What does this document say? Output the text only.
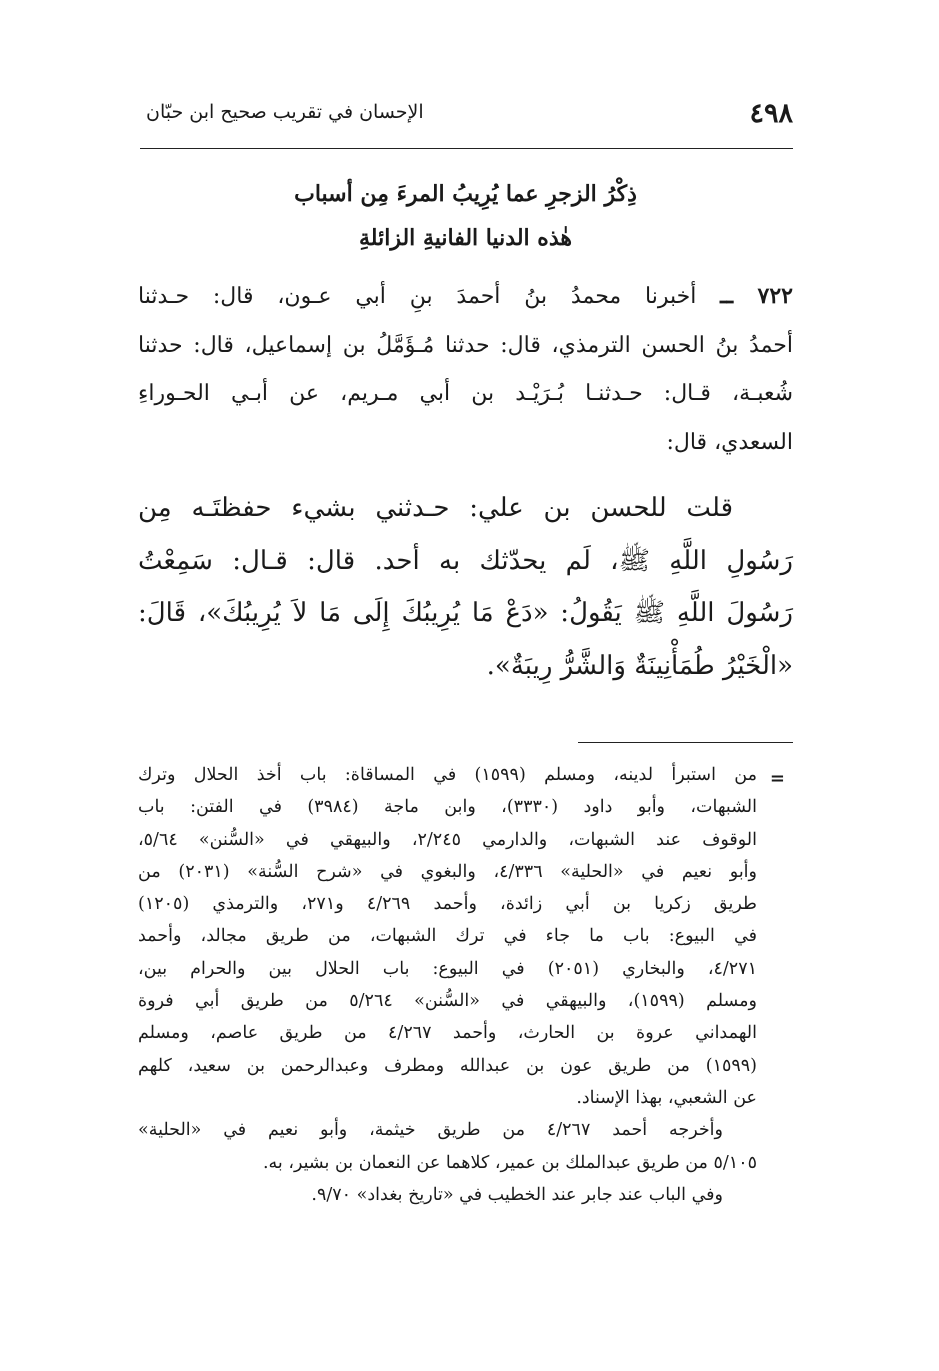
٤٩٨
الإحسان في تقريب صحيح ابن حبّان
ذِكْرُ الزجرِ عما يُرِيبُ المرءَ مِن أسباب
هٰذه الدنيا الفانيةِ الزائلةِ
٧٢٢ ــ أخبرنا محمدُ بنُ أحمدَ بنِ أبي عـون، قال: حـدثنا
أحمدُ بنُ الحسن الترمذي، قال: حدثنا مُـؤَمَّلُ بن إسماعيل، قال: حدثنا
شُعبـة، قـال: حـدثنـا بُـرَيْـد بن أبي مـريم، عن أبـي الحـوراءِ
السعدي، قال:
قلت للحسن بن علي: حـدثني بشيء حفظتَـه مِن
رَسُولِ اللَّهِ ﷺ، لَم يحدّثك به أحد. قال: قـال: سَمِعْتُ
رَسُولَ اللَّهِ ﷺ يَقُولُ: «دَعْ مَا يُرِيبُكَ إِلَى مَا لاَ يُرِيبُكَ»، قَالَ:
«الْخَيْرُ طُمَأْنِينَةٌ وَالشَّرُّ رِيبَةٌ».
=
من استبرأ لدينه، ومسلم (١٥٩٩) في المساقاة: باب أخذ الحلال وترك
الشبهات، وأبو داود (٣٣٣٠)، وابن ماجة (٣٩٨٤) في الفتن: باب
الوقوف عند الشبهات، والدارمي ٢/٢٤٥، والبيهقي في «السُّنن» ٥/٦٤،
وأبو نعيم في «الحلية» ٤/٣٣٦، والبغوي في «شرح السُّنة» (٢٠٣١) من
طريق زكريا بن أبي زائدة، وأحمد ٤/٢٦٩ و٢٧١، والترمذي (١٢٠٥)
في البيوع: باب ما جاء في ترك الشبهات، من طريق مجالد، وأحمد
٤/٢٧١، والبخاري (٢٠٥١) في البيوع: باب الحلال بين والحرام بين،
ومسلم (١٥٩٩)، والبيهقي في «السُّنن» ٥/٢٦٤ من طريق أبي فروة
الهمداني عروة بن الحارث، وأحمد ٤/٢٦٧ من طريق عاصم، ومسلم
(١٥٩٩) من طريق عون بن عبدالله ومطرف وعبدالرحمن بن سعيد، كلهم
عن الشعبي، بهذا الإسناد.
وأخرجه أحمد ٤/٢٦٧ من طريق خيثمة، وأبو نعيم في «الحلية»
٥/١٠٥ من طريق عبدالملك بن عمير، كلاهما عن النعمان بن بشير، به.
وفي الباب عند جابر عند الخطيب في «تاريخ بغداد» ٩/٧٠.
